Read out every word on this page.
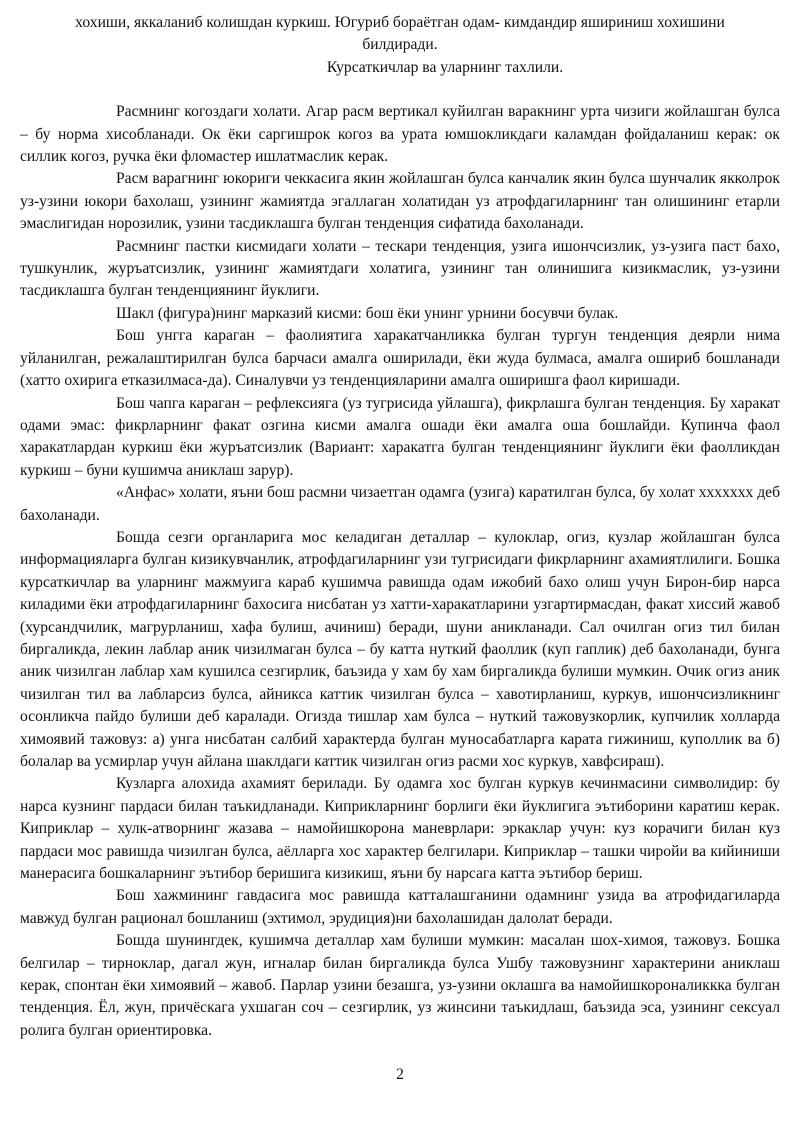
хохиши, яккаланиб колишдан куркиш. Югуриб бораётган одам- кимдандир яшириниш хохишини

билдиради.

Курсаткичлар ва уларнинг тахлили.

Расмнинг когоздаги холати. Агар расм вертикал куйилган варакнинг урта чизиги жойлашган булса – бу норма хисобланади. Ок ёки саргишрок когоз ва урата юмшокликдаги каламдан фойдаланиш керак: ок силлик когоз, ручка ёки фломастер ишлатмаслик керак.

Расм варагнинг юкориги чеккасига якин жойлашган булса канчалик якин булса шунчалик якколрок уз-узини юкори бахолаш, узининг жамиятда эгаллаган холатидан уз атрофдагиларнинг тан олишининг етарли эмаслигидан норозилик, узини тасдиклашга булган тенденция сифатида бахоланади.

Расмнинг пастки кисмидаги холати – тескари тенденция, узига ишончсизлик, уз-узига паст бахо, тушкунлик, журъатсизлик, узининг жамиятдаги холатига, узининг тан олинишига кизикмаслик, уз-узини тасдиклашга булган тенденциянинг йуклиги.

Шакл (фигура)нинг марказий кисми: бош ёки унинг урнини босувчи булак.

Бош унгга караган – фаолиятига харакатчанликка булган тургун тенденция деярли нима уйланилган, режалаштирилган булса барчаси амалга оширилади, ёки жуда булмаса, амалга ошириб бошланади (хатто охирига етказилмаса-да). Синалувчи уз тенденцияларини амалга оширишга фаол киришади.

Бош чапга караган – рефлексияга (уз тугрисида уйлашга), фикрлашга булган тенденция. Бу харакат одами эмас: фикрларнинг факат озгина кисми амалга ошади ёки амалга оша бошлайди. Купинча фаол харакатлардан куркиш ёки журъатсизлик (Вариант: харакатга булган тенденциянинг йуклиги ёки фаолликдан куркиш – буни кушимча аниклаш зарур).

«Анфас» холати, яъни бош расмни чизаетган одамга (узига) каратилган булса, бу холат xxxxxxx деб бахоланади.

Бошда сезги органларига мос келадиган деталлар – кулоклар, огиз, кузлар жойлашган булса информацияларга булган кизикувчанлик, атрофдагиларнинг узи тугрисидаги фикрларнинг ахамиятлилиги. Бошка курсаткичлар ва уларнинг мажмуига караб кушимча равишда одам ижобий бахо олиш учун Бирон-бир нарса киладими ёки атрофдагиларнинг бахосига нисбатан уз хатти-харакатларини узгартирмасдан, факат хиссий жавоб (хурсандчилик, магрурланиш, хафа булиш, ачиниш) беради, шуни аникланади. Сал очилган огиз тил билан биргаликда, лекин лаблар аник чизилмаган булса – бу катта нуткий фаоллик (куп гаплик) деб бахоланади, бунга аник чизилган лаблар хам кушилса сезгирлик, баъзида у хам бу хам биргаликда булиши мумкин. Очик огиз аник чизилган тил ва лабларсиз булса, айникса каттик чизилган булса – хавотирланиш, куркув, ишончсизликнинг осонликча пайдо булиши деб каралади. Огизда тишлар хам булса – нуткий тажовузкорлик, купчилик холларда химоявий тажовуз: а) унга нисбатан салбий характерда булган муносабатларга карата гижиниш, куполлик ва б) болалар ва усмирлар учун айлана шаклдаги каттик чизилган огиз расми хос куркув, хавфсираш).

Кузларга алохида ахамият берилади. Бу одамга хос булган куркув кечинмасини символидир: бу нарса кузнинг пардаси билан таъкидланади. Киприкларнинг борлиги ёки йуклигига эътиборини каратиш керак. Киприклар – хулк-атворнинг жазава – намойишкорона маневрлари: эркаклар учун: куз корачиги билан куз пардаси мос равишда чизилган булса, аёлларга хос характер белгилари. Киприклар – ташки чиройи ва кийиниши манерасига бошкаларнинг эътибор беришига кизикиш, яъни бу нарсага катта эътибор бериш.

Бош хажмининг гавдасига мос равишда катталашганини одамнинг узида ва атрофидагиларда мавжуд булган рационал бошланиш (эхтимол, эрудиция)ни бахолашидан далолат беради.

Бошда шунингдек, кушимча деталлар хам булиши мумкин: масалан шох-химоя, тажовуз. Бошка белгилар – тирноклар, дагал жун, игналар билан биргаликда булса Ушбу тажовузнинг характерини аниклаш керак, спонтан ёки химоявий – жавоб. Парлар узини безашга, уз-узини оклашга ва намойишкороналиккка булган тенденция. Ёл, жун, причёскага ухшаган соч – сезгирлик, уз жинсини таъкидлаш, баъзида эса, узининг сексуал ролига булган ориентировка.

2
